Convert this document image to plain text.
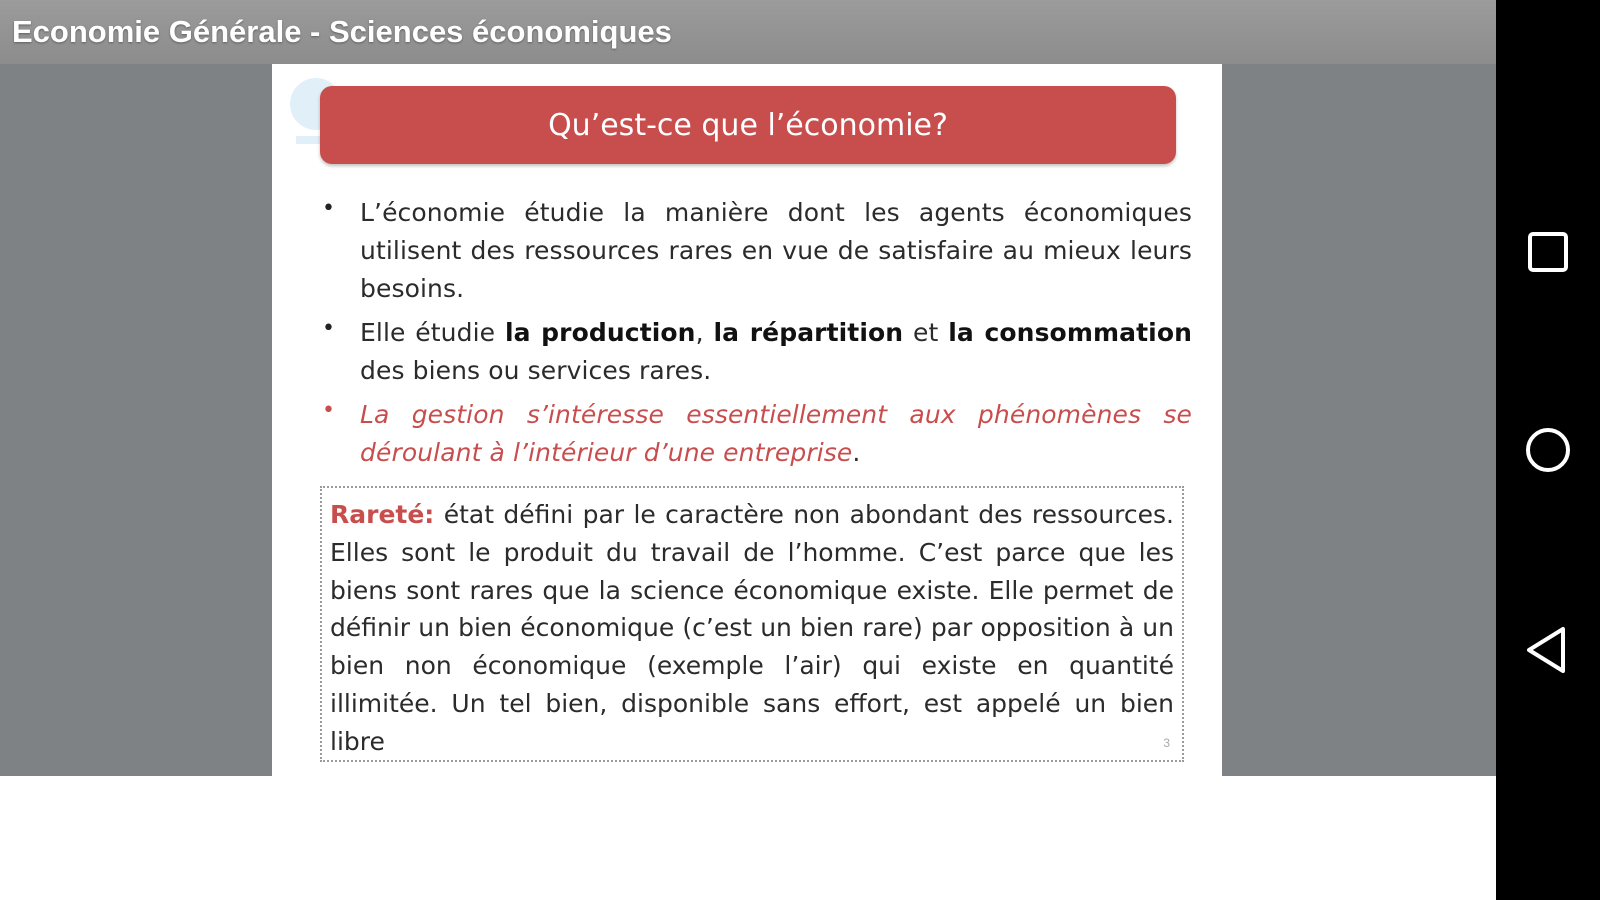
Economie Générale - Sciences économiques
Qu’est-ce que l’économie?
• L’économie étudie la manière dont les agents économiques utilisent des ressources rares en vue de satisfaire au mieux leurs besoins.
• Elle étudie la production, la répartition et la consommation des biens ou services rares.
• La gestion s’intéresse essentiellement aux phénomènes se déroulant à l’intérieur d’une entreprise.
Rareté: état défini par le caractère non abondant des ressources. Elles sont le produit du travail de l’homme. C’est parce que les biens sont rares que la science économique existe. Elle permet de définir un bien économique (c’est un bien rare) par opposition à un bien non économique (exemple l’air) qui existe en quantité illimitée. Un tel bien, disponible sans effort, est appelé un bien libre	3
